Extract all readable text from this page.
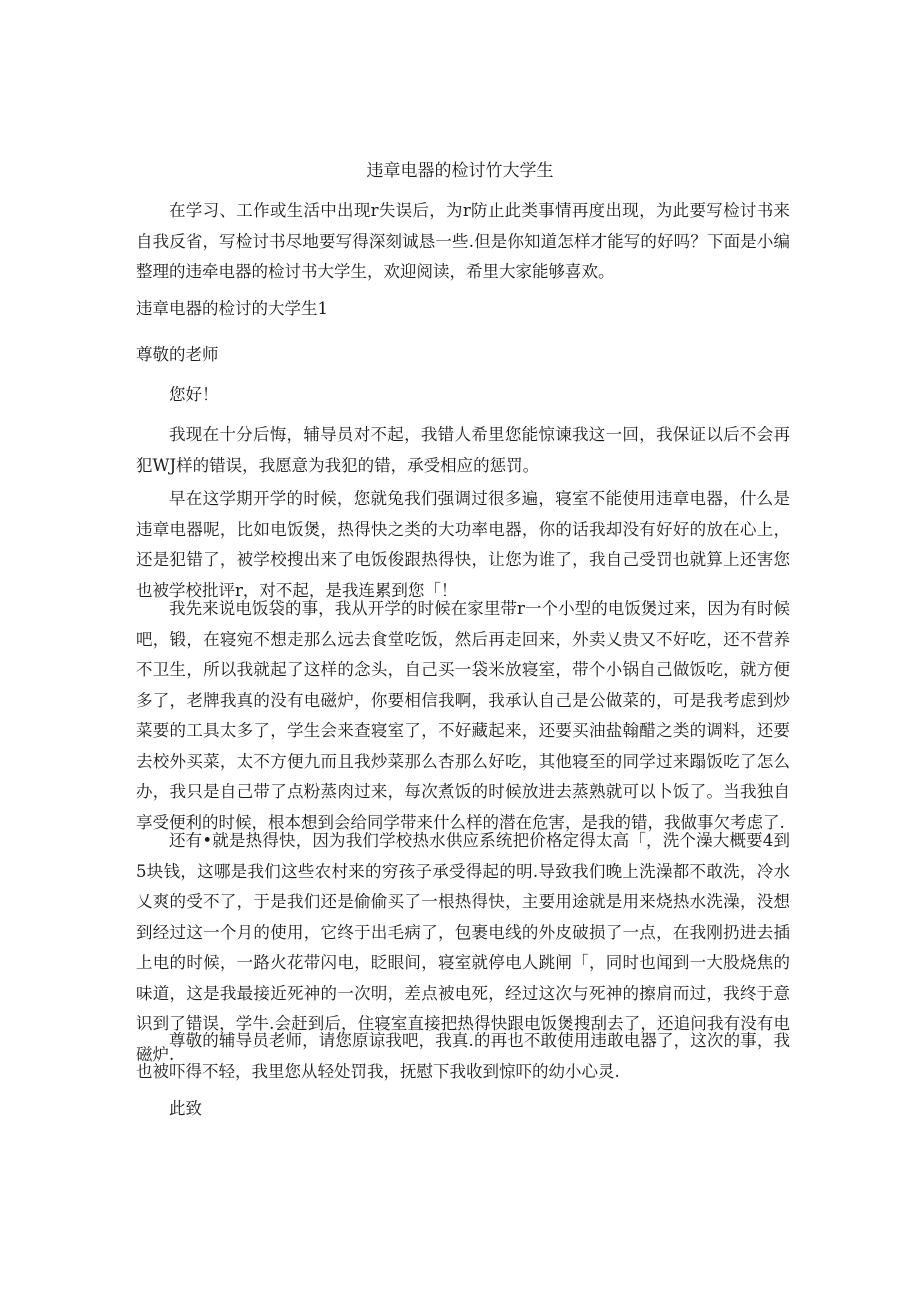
违章电器的检讨竹大学生

在学习、工作或生活中出现r失误后，为r防止此类事情再度出现，为此要写检讨书来自我反省，写检讨书尽地要写得深刻诚恳一些.但是你知道怎样才能写的好吗？下面是小编整理的违牵电器的检讨书大学生，欢迎阅读，希里大家能够喜欢。

违章电器的检讨的大学生1

尊敬的老师

您好！

我现在十分后悔，辅导员对不起，我错人希里您能惊谏我这一回，我保证以后不会再犯WJ样的错误，我愿意为我犯的错，承受相应的惩罚。

早在这学期开学的时候，您就兔我们强调过很多遍，寝室不能使用违章电器，什么是违章电器呢，比如电饭煲，热得快之类的大功率电器，你的话我却没有好好的放在心上，还是犯错了，被学校搜出来了电饭俊跟热得快，让您为谁了，我自己受罚也就算上还害您也被学校批评r，对不起，是我连累到您「！

我先来说电饭袋的事，我从开学的时候在家里带r一个小型的电饭煲过来，因为有时候吧，锻，在寝宛不想走那么远去食堂吃饭，然后再走回来，外卖乂贵又不好吃，还不营养不卫生，所以我就起了这样的念头，自己买一袋米放寝室，带个小锅自己做饭吃，就方便多了，老牌我真的没有电磁炉，你要相信我啊，我承认自己是公做菜的，可是我考虑到炒菜要的工具太多了，学生会来查寝室了，不好藏起来，还要买油盐翰醋之类的调料，还要去校外买菜，太不方便九而且我炒菜那么杏那么好吃，其他寝至的同学过来蹋饭吃了怎么办，我只是自己带了点粉蒸肉过来，每次煮饭的时候放进去蒸熟就可以卜饭了。当我独自享受便利的时候，根本想到会给同学带来什么样的潜在危害，是我的错，我做事欠考虑了.

还有•就是热得快，因为我们学校热水供应系统把价格定得太高「，洗个澡大概要4到5块钱，这哪是我们这些农村来的穷孩子承受得起的明.导致我们晚上洗澡都不敢洗，冷水乂爽的受不了，于是我们还是偷偷买了一根热得快，主要用途就是用来烧热水洗澡，没想到经过这一个月的使用，它终于出毛病了，包裹电线的外皮破损了一点，在我刚扔进去插上电的时候，一路火花带闪电，眨眼间，寝室就停电人跳闸「，同时也闻到一大股烧焦的味道，这是我最接近死神的一次明，差点被电死，经过这次与死神的擦肩而过，我终于意识到了错误，学牛.会赶到后，住寝室直接把热得快跟电饭煲搜刮去了，还追问我有没有电磁炉.

尊敬的辅导员老师，请您原谅我吧，我真.的再也不敢使用违敢电器了，这次的事，我也被吓得不轻，我里您从轻处罚我，抚慰下我收到惊吓的幼小心灵.

此致
